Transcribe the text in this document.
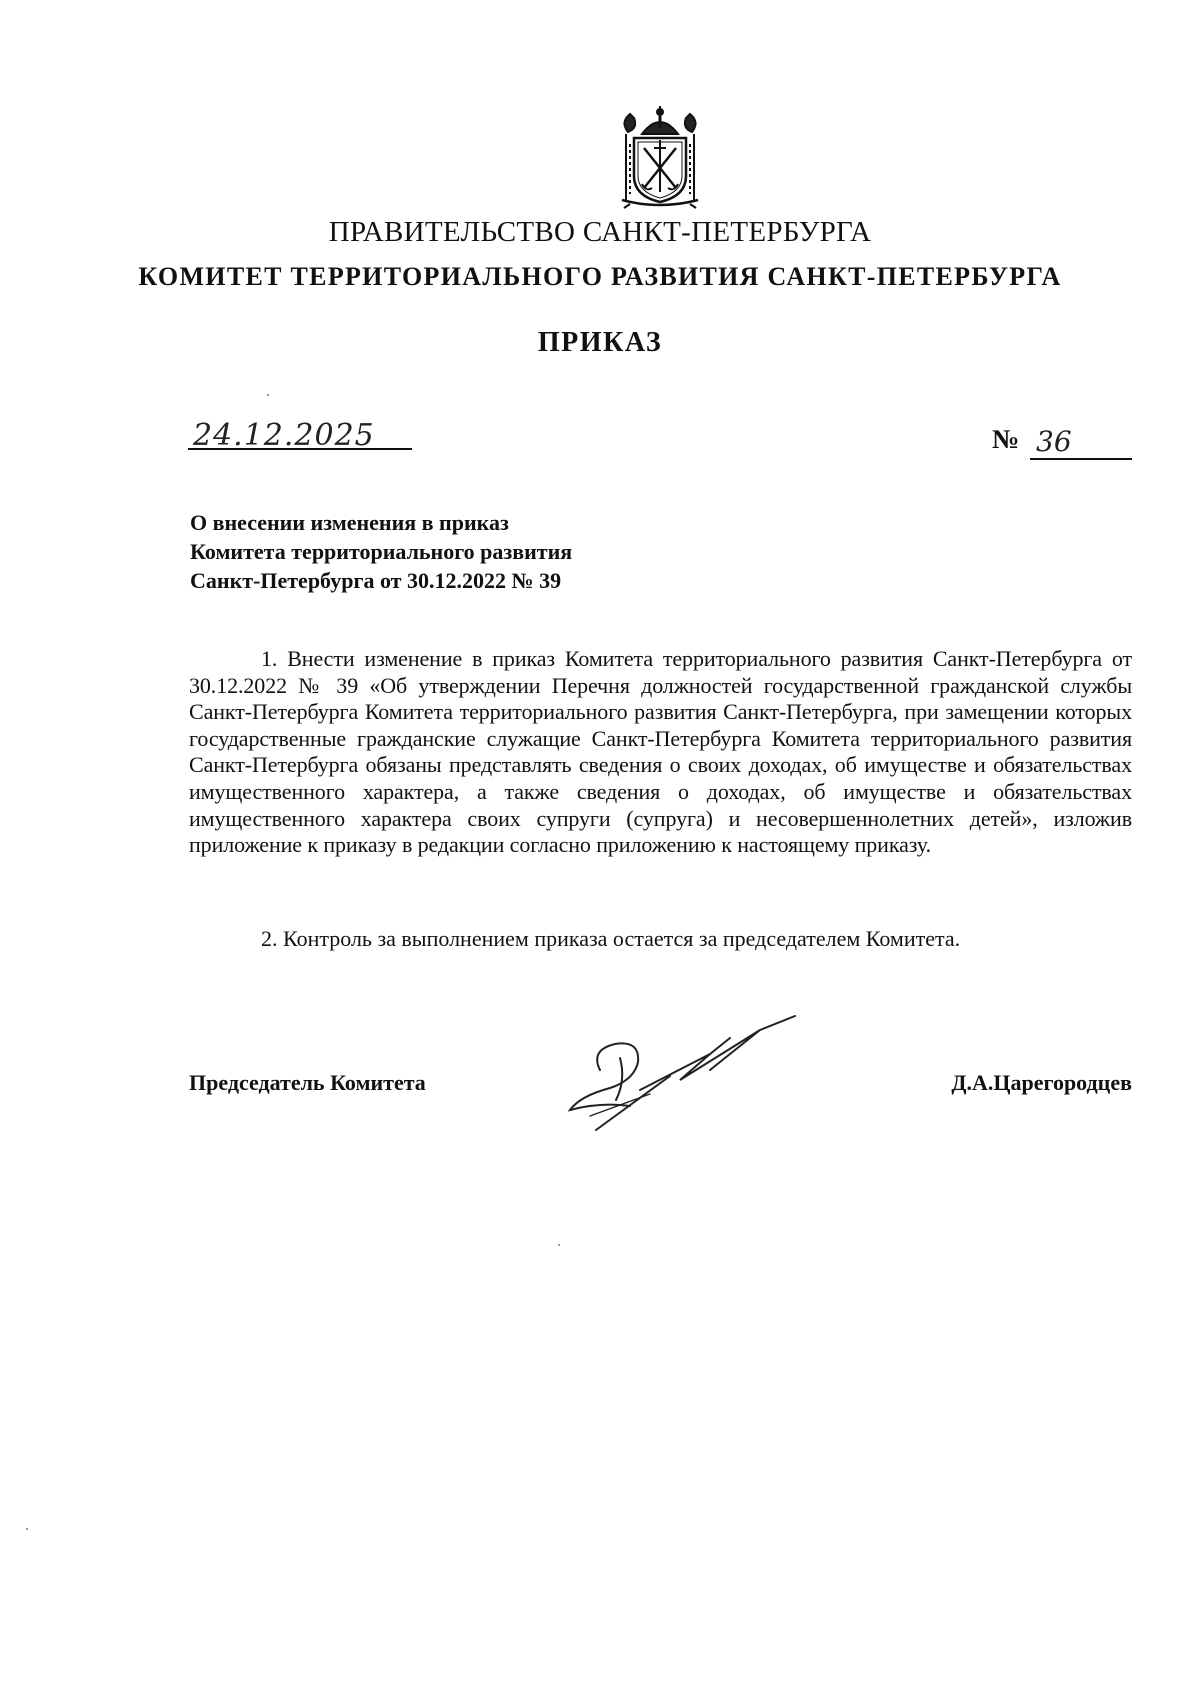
ПРАВИТЕЛЬСТВО САНКТ-ПЕТЕРБУРГА
КОМИТЕТ ТЕРРИТОРИАЛЬНОГО РАЗВИТИЯ САНКТ-ПЕТЕРБУРГА
ПРИКАЗ
24.12.2025	№ 36
О внесении изменения в приказ
Комитета территориального развития
Санкт-Петербурга от 30.12.2022 № 39
1. Внести изменение в приказ Комитета территориального развития Санкт-Петербурга от 30.12.2022 № 39 «Об утверждении Перечня должностей государственной гражданской службы Санкт-Петербурга Комитета территориального развития Санкт-Петербурга, при замещении которых государственные гражданские служащие Санкт-Петербурга Комитета территориального развития Санкт-Петербурга обязаны представлять сведения о своих доходах, об имуществе и обязательствах имущественного характера, а также сведения о доходах, об имуществе и обязательствах имущественного характера своих супруги (супруга) и несовершеннолетних детей», изложив приложение к приказу в редакции согласно приложению к настоящему приказу.
2. Контроль за выполнением приказа остается за председателем Комитета.
Председатель Комитета	Д.А.Царегородцев
